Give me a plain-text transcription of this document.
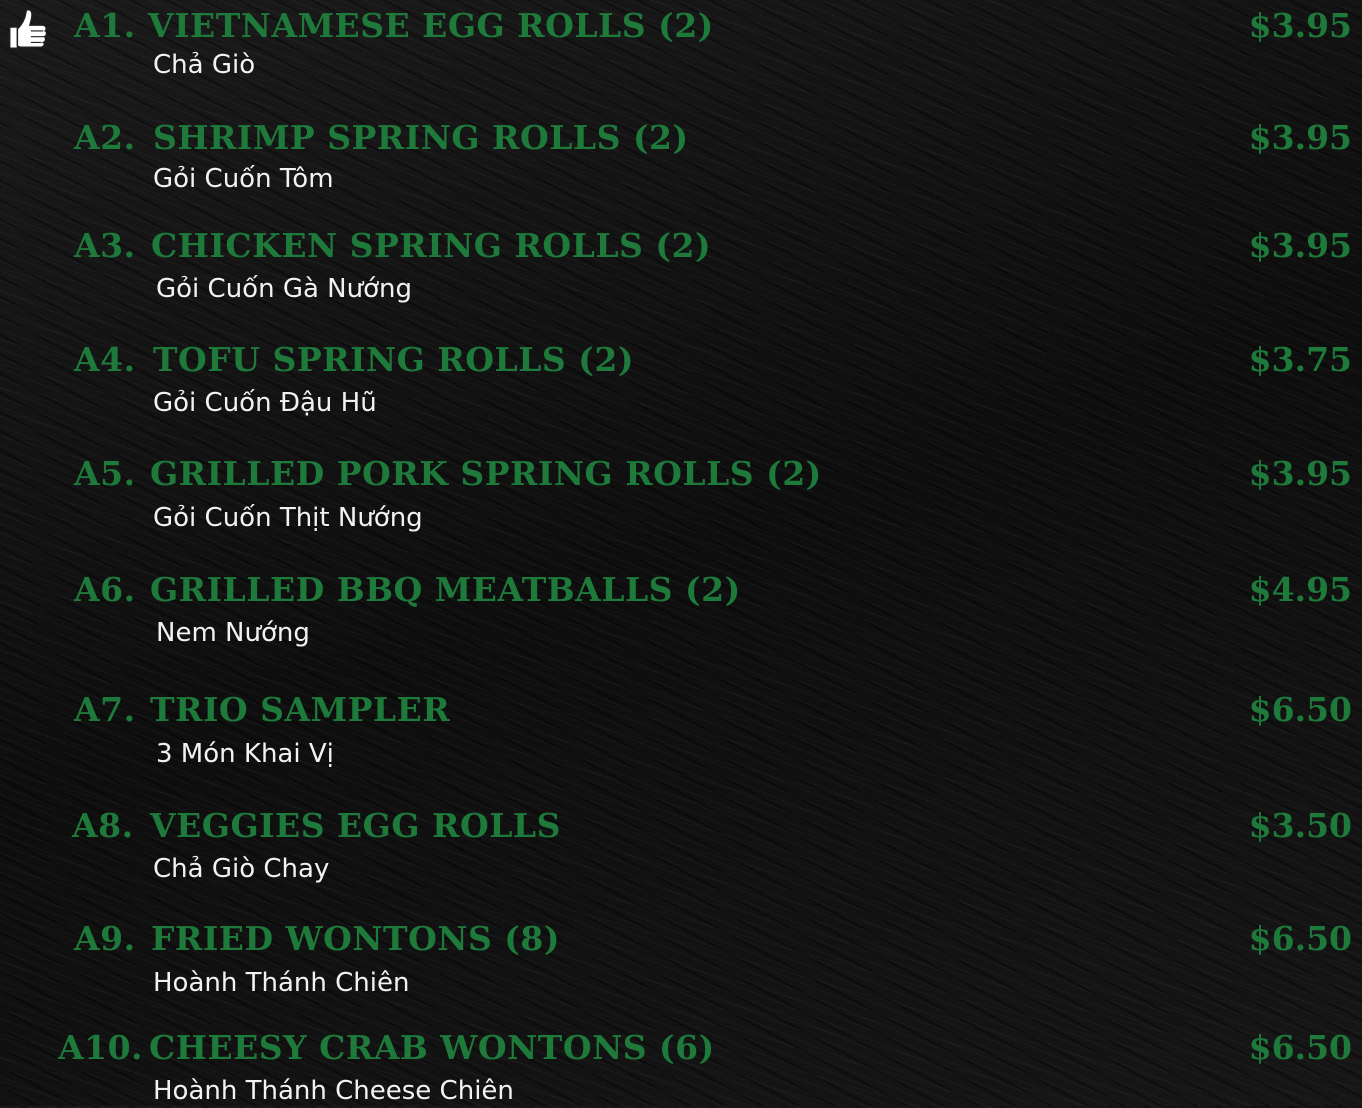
A1. VIETNAMESE EGG ROLLS (2)	$3.95
Chả Giò
A2. SHRIMP SPRING ROLLS (2)	$3.95
Gỏi Cuốn Tôm
A3. CHICKEN SPRING ROLLS (2)	$3.95
Gỏi Cuốn Gà Nướng
A4. TOFU SPRING ROLLS (2)	$3.75
Gỏi Cuốn Đậu Hũ
A5. GRILLED PORK SPRING ROLLS (2)	$3.95
Gỏi Cuốn Thịt Nướng
A6. GRILLED BBQ MEATBALLS (2)	$4.95
Nem Nướng
A7. TRIO SAMPLER	$6.50
3 Món Khai Vị
A8. VEGGIES EGG ROLLS	$3.50
Chả Giò Chay
A9. FRIED WONTONS (8)	$6.50
Hoành Thánh Chiên
A10. CHEESY CRAB WONTONS (6)	$6.50
Hoành Thánh Cheese Chiên
